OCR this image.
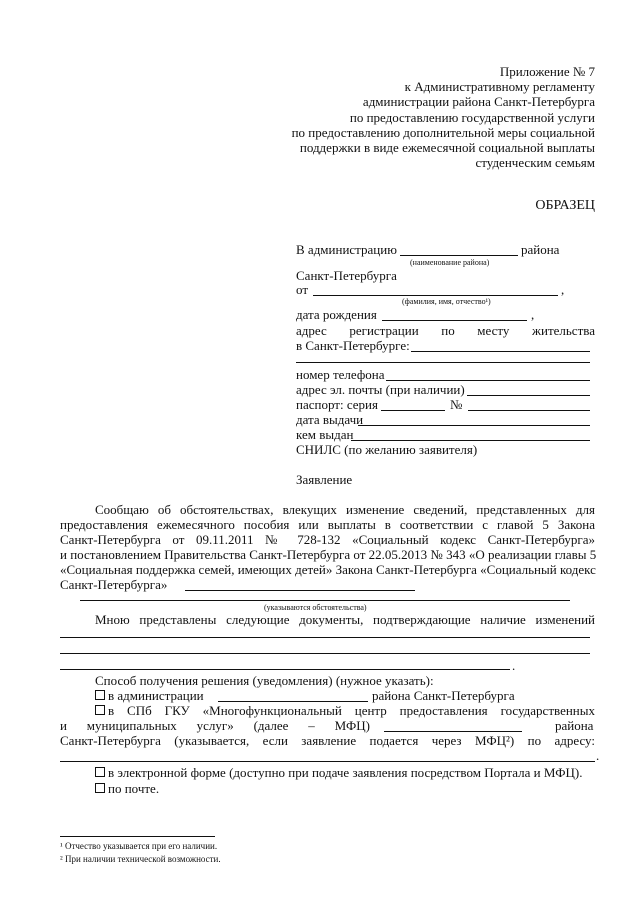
Приложение № 7
к Административному регламенту
администрации района Санкт-Петербурга
по предоставлению государственной услуги
по предоставлению дополнительной меры социальной
поддержки в виде ежемесячной социальной выплаты
студенческим семьям
ОБРАЗЕЦ
В администрацию	района
(наименование района)
Санкт-Петербурга
от	,
(фамилия, имя, отчество¹)
дата рождения	,
адрес регистрации по месту жительства
в Санкт-Петербурге:
номер телефона
адрес эл. почты (при наличии)
паспорт: серия	№
дата выдачи
кем выдан
СНИЛС (по желанию заявителя)
Заявление
Сообщаю об обстоятельствах, влекущих изменение сведений, представленных для
предоставления ежемесячного пособия или выплаты в соответствии с главой 5 Закона
Санкт-Петербурга от 09.11.2011 № 728-132 «Социальный кодекс Санкт-Петербурга»
и постановлением Правительства Санкт-Петербурга от 22.05.2013 № 343 «О реализации главы 5
«Социальная поддержка семей, имеющих детей» Закона Санкт-Петербурга «Социальный кодекс
Санкт-Петербурга»
(указываются обстоятельства)
Мною представлены следующие документы, подтверждающие наличие изменений
.
Способ получения решения (уведомления) (нужное указать):
в администрации	района Санкт-Петербурга
в СПб ГКУ «Многофункциональный центр предоставления государственных
и муниципальных услуг» (далее – МФЦ)	района
Санкт-Петербурга (указывается, если заявление подается через МФЦ²) по адресу:
.
в электронной форме (доступно при подаче заявления посредством Портала и МФЦ).
по почте.
¹ Отчество указывается при его наличии.
² При наличии технической возможности.
